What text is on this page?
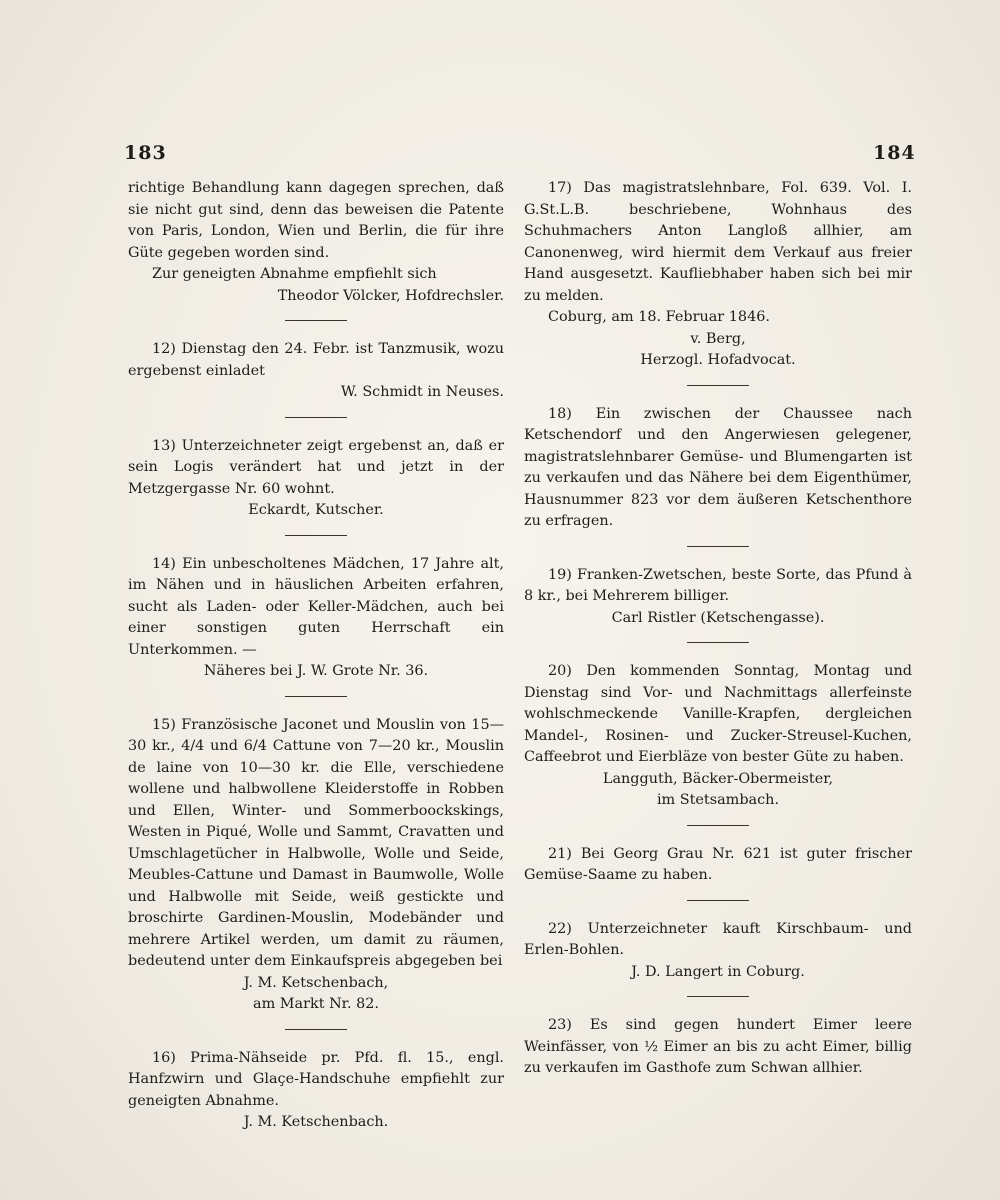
183	184

richtige Behandlung kann dagegen sprechen, daß sie nicht gut sind, denn das beweisen die Patente von Paris, London, Wien und Berlin, die für ihre Güte gegeben worden sind.

Zur geneigten Abnahme empfiehlt sich

Theodor Völcker, Hofdrechsler.

12) Dienstag den 24. Febr. ist Tanzmusik, wozu ergebenst einladet

W. Schmidt in Neuses.

13) Unterzeichneter zeigt ergebenst an, daß er sein Logis verändert hat und jetzt in der Metzgergasse Nr. 60 wohnt.

Eckardt, Kutscher.

14) Ein unbescholtenes Mädchen, 17 Jahre alt, im Nähen und in häuslichen Arbeiten erfahren, sucht als Laden- oder Keller-Mädchen, auch bei einer sonstigen guten Herrschaft ein Unterkommen. —

Näheres bei J. W. Grote Nr. 36.

15) Französische Jaconet und Mouslin von 15—30 kr., 4/4 und 6/4 Cattune von 7—20 kr., Mouslin de laine von 10—30 kr. die Elle, verschiedene wollene und halbwollene Kleiderstoffe in Robben und Ellen, Winter- und Sommerboockskings, Westen in Piqué, Wolle und Sammt, Cravatten und Umschlagetücher in Halbwolle, Wolle und Seide, Meubles-Cattune und Damast in Baumwolle, Wolle und Halbwolle mit Seide, weiß gestickte und broschirte Gardinen-Mouslin, Modebänder und mehrere Artikel werden, um damit zu räumen, bedeutend unter dem Einkaufspreis abgegeben bei

J. M. Ketschenbach,

am Markt Nr. 82.

16) Prima-Nähseide pr. Pfd. fl. 15., engl. Hanfzwirn und Glaçe-Handschuhe empfiehlt zur geneigten Abnahme.

J. M. Ketschenbach.

17) Das magistratslehnbare, Fol. 639. Vol. I. G.St.L.B. beschriebene, Wohnhaus des Schuhmachers Anton Langloß allhier, am Canonenweg, wird hiermit dem Verkauf aus freier Hand ausgesetzt. Kaufliebhaber haben sich bei mir zu melden.

Coburg, am 18. Februar 1846.

v. Berg,

Herzogl. Hofadvocat.

18) Ein zwischen der Chaussee nach Ketschendorf und den Angerwiesen gelegener, magistratslehnbarer Gemüse- und Blumengarten ist zu verkaufen und das Nähere bei dem Eigenthümer, Hausnummer 823 vor dem äußeren Ketschenthore zu erfragen.

19) Franken-Zwetschen, beste Sorte, das Pfund à 8 kr., bei Mehrerem billiger.

Carl Ristler (Ketschengasse).

20) Den kommenden Sonntag, Montag und Dienstag sind Vor- und Nachmittags allerfeinste wohlschmeckende Vanille-Krapfen, dergleichen Mandel-, Rosinen- und Zucker-Streusel-Kuchen, Caffeebrot und Eierbläze von bester Güte zu haben.

Langguth, Bäcker-Obermeister,

im Stetsambach.

21) Bei Georg Grau Nr. 621 ist guter frischer Gemüse-Saame zu haben.

22) Unterzeichneter kauft Kirschbaum- und Erlen-Bohlen.

J. D. Langert in Coburg.

23) Es sind gegen hundert Eimer leere Weinfässer, von ½ Eimer an bis zu acht Eimer, billig zu verkaufen im Gasthofe zum Schwan allhier.
